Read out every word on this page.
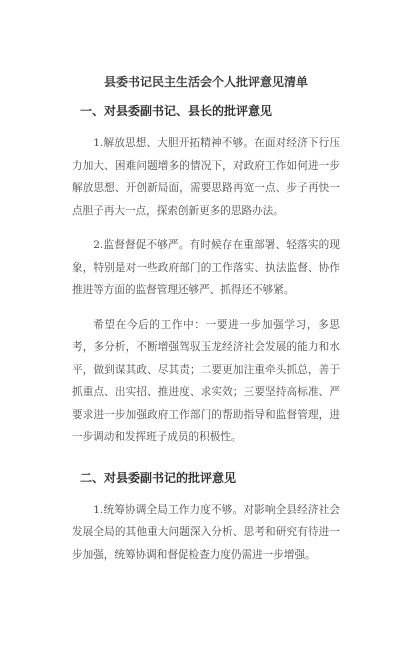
县委书记民主生活会个人批评意见清单
一、对县委副书记、县长的批评意见

1.解放思想、大胆开拓精神不够。在面对经济下行压力加大、困难问题增多的情况下，对政府工作如何进一步解放思想、开创新局面，需要思路再宽一点、步子再快一点胆子再大一点，探索创新更多的思路办法。

2.监督督促不够严。有时候存在重部署、轻落实的现象，特别是对一些政府部门的工作落实、执法监督、协作推进等方面的监督管理还够严、抓得还不够紧。

希望在今后的工作中：一要进一步加强学习，多思考，多分析，不断增强驾驭玉龙经济社会发展的能力和水平，做到谋其政、尽其责；二要更加注重牵头抓总，善于抓重点、出实招、推进度、求实效；三要坚持高标准、严要求进一步加强政府工作部门的帮助指导和监督管理，进一步调动和发挥班子成员的积极性。

二、对县委副书记的批评意见

1.统筹协调全局工作力度不够。对影响全县经济社会发展全局的其他重大问题深入分析、思考和研究有待进一步加强，统筹协调和督促检查力度仍需进一步增强。
